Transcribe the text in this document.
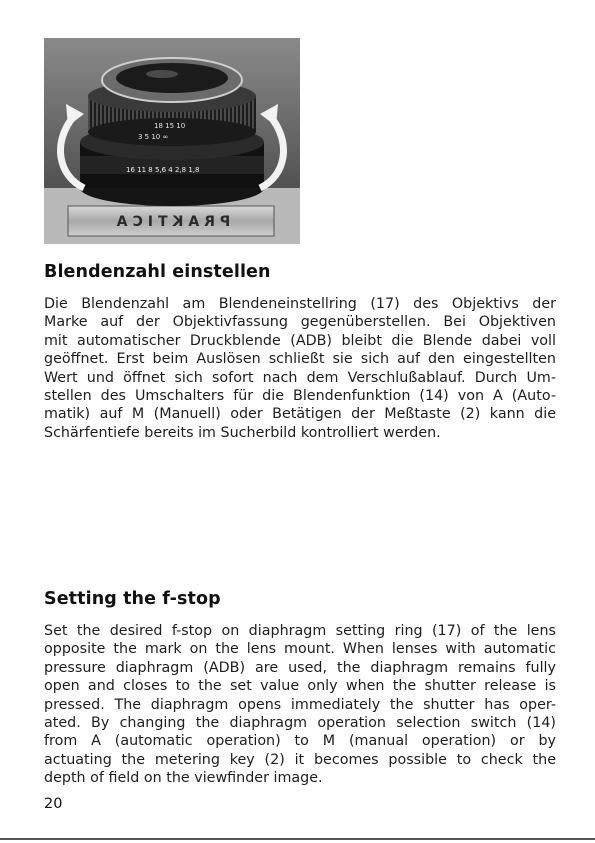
PRAKTICA
18 15 10
3 5 10 ∞
16 11 8 5,6 4 2,8 1,8
Blendenzahl einstellen

Die Blendenzahl am Blendeneinstellring (17) des Objektivs der
Marke auf der Objektivfassung gegenüberstellen. Bei Objektiven
mit automatischer Druckblende (ADB) bleibt die Blende dabei voll
geöffnet. Erst beim Auslösen schließt sie sich auf den eingestellten
Wert und öffnet sich sofort nach dem Verschlußablauf. Durch Um-
stellen des Umschalters für die Blendenfunktion (14) von A (Auto-
matik) auf M (Manuell) oder Betätigen der Meßtaste (2) kann die
Schärfentiefe bereits im Sucherbild kontrolliert werden.

Setting the f-stop

Set the desired f-stop on diaphragm setting ring (17) of the lens
opposite the mark on the lens mount. When lenses with automatic
pressure diaphragm (ADB) are used, the diaphragm remains fully
open and closes to the set value only when the shutter release is
pressed. The diaphragm opens immediately the shutter has oper-
ated. By changing the diaphragm operation selection switch (14)
from A (automatic operation) to M (manual operation) or by
actuating the metering key (2) it becomes possible to check the
depth of field on the viewfinder image.

20
